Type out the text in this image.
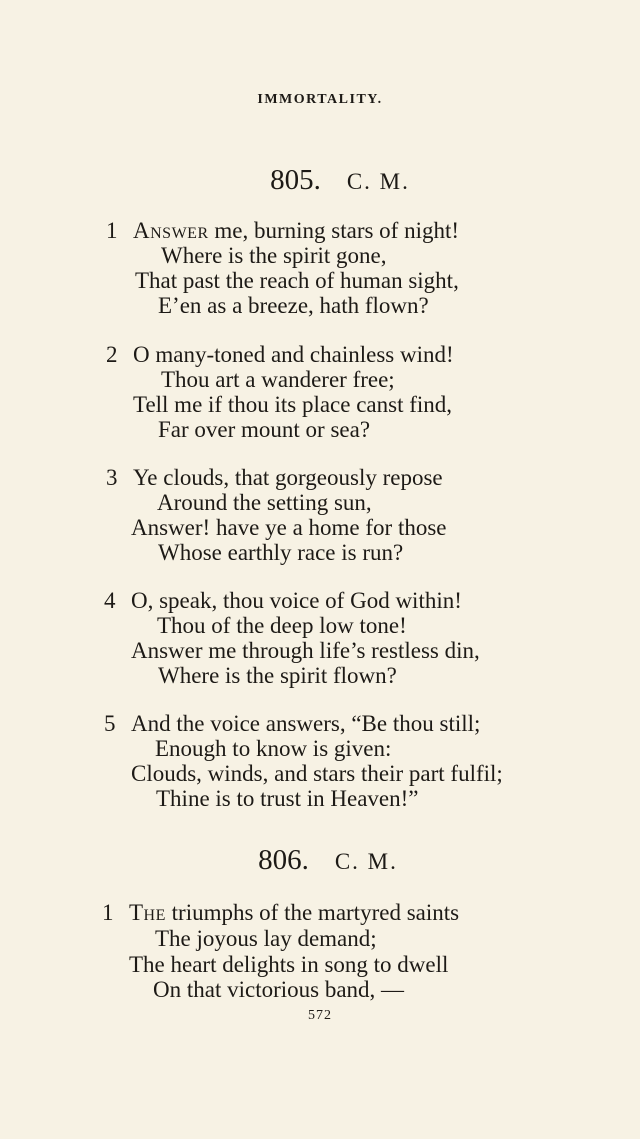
IMMORTALITY.
805. C. M.
1 Answer me, burning stars of night!
Where is the spirit gone,
That past the reach of human sight,
E’en as a breeze, hath flown?
2 O many-toned and chainless wind!
Thou art a wanderer free;
Tell me if thou its place canst find,
Far over mount or sea?
3 Ye clouds, that gorgeously repose
Around the setting sun,
Answer! have ye a home for those
Whose earthly race is run?
4 O, speak, thou voice of God within!
Thou of the deep low tone!
Answer me through life’s restless din,
Where is the spirit flown?
5 And the voice answers, “Be thou still;
Enough to know is given:
Clouds, winds, and stars their part fulfil;
Thine is to trust in Heaven!”
806. C. M.
1 The triumphs of the martyred saints
The joyous lay demand;
The heart delights in song to dwell
On that victorious band, —
572
